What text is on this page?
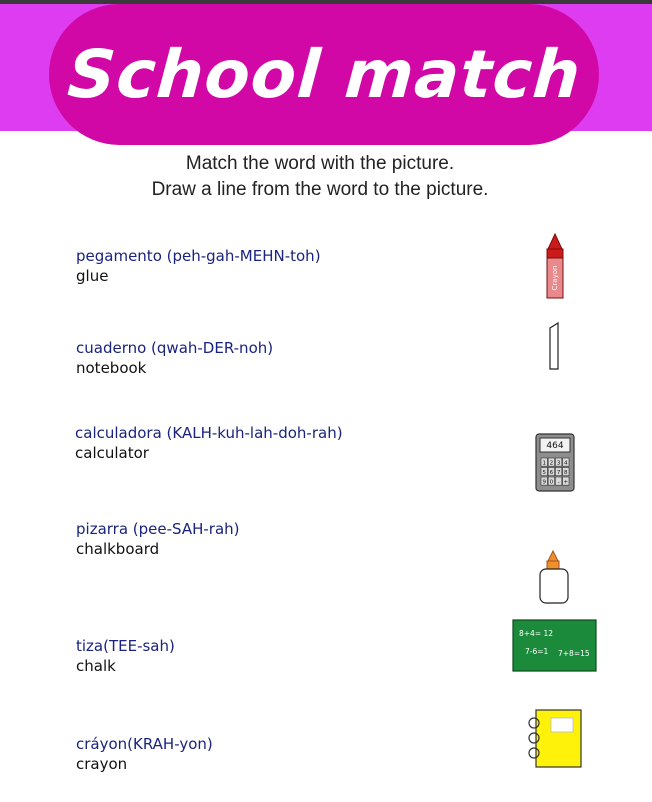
School match
Match the word with the picture.
Draw a line from the word to the picture.
pegamento (peh-gah-MEHN-toh)
glue
cuaderno (qwah-DER-noh)
notebook
calculadora (KALH-kuh-lah-doh-rah)
calculator
pizarra (pee-SAH-rah)
chalkboard
tiza(TEE-sah)
chalk
cráyon(KRAH-yon)
crayon
Crayon
464
1 2 3 4
5 6 7 8
9 0 - +
8+4= 12
7-6=1 7+8=15
